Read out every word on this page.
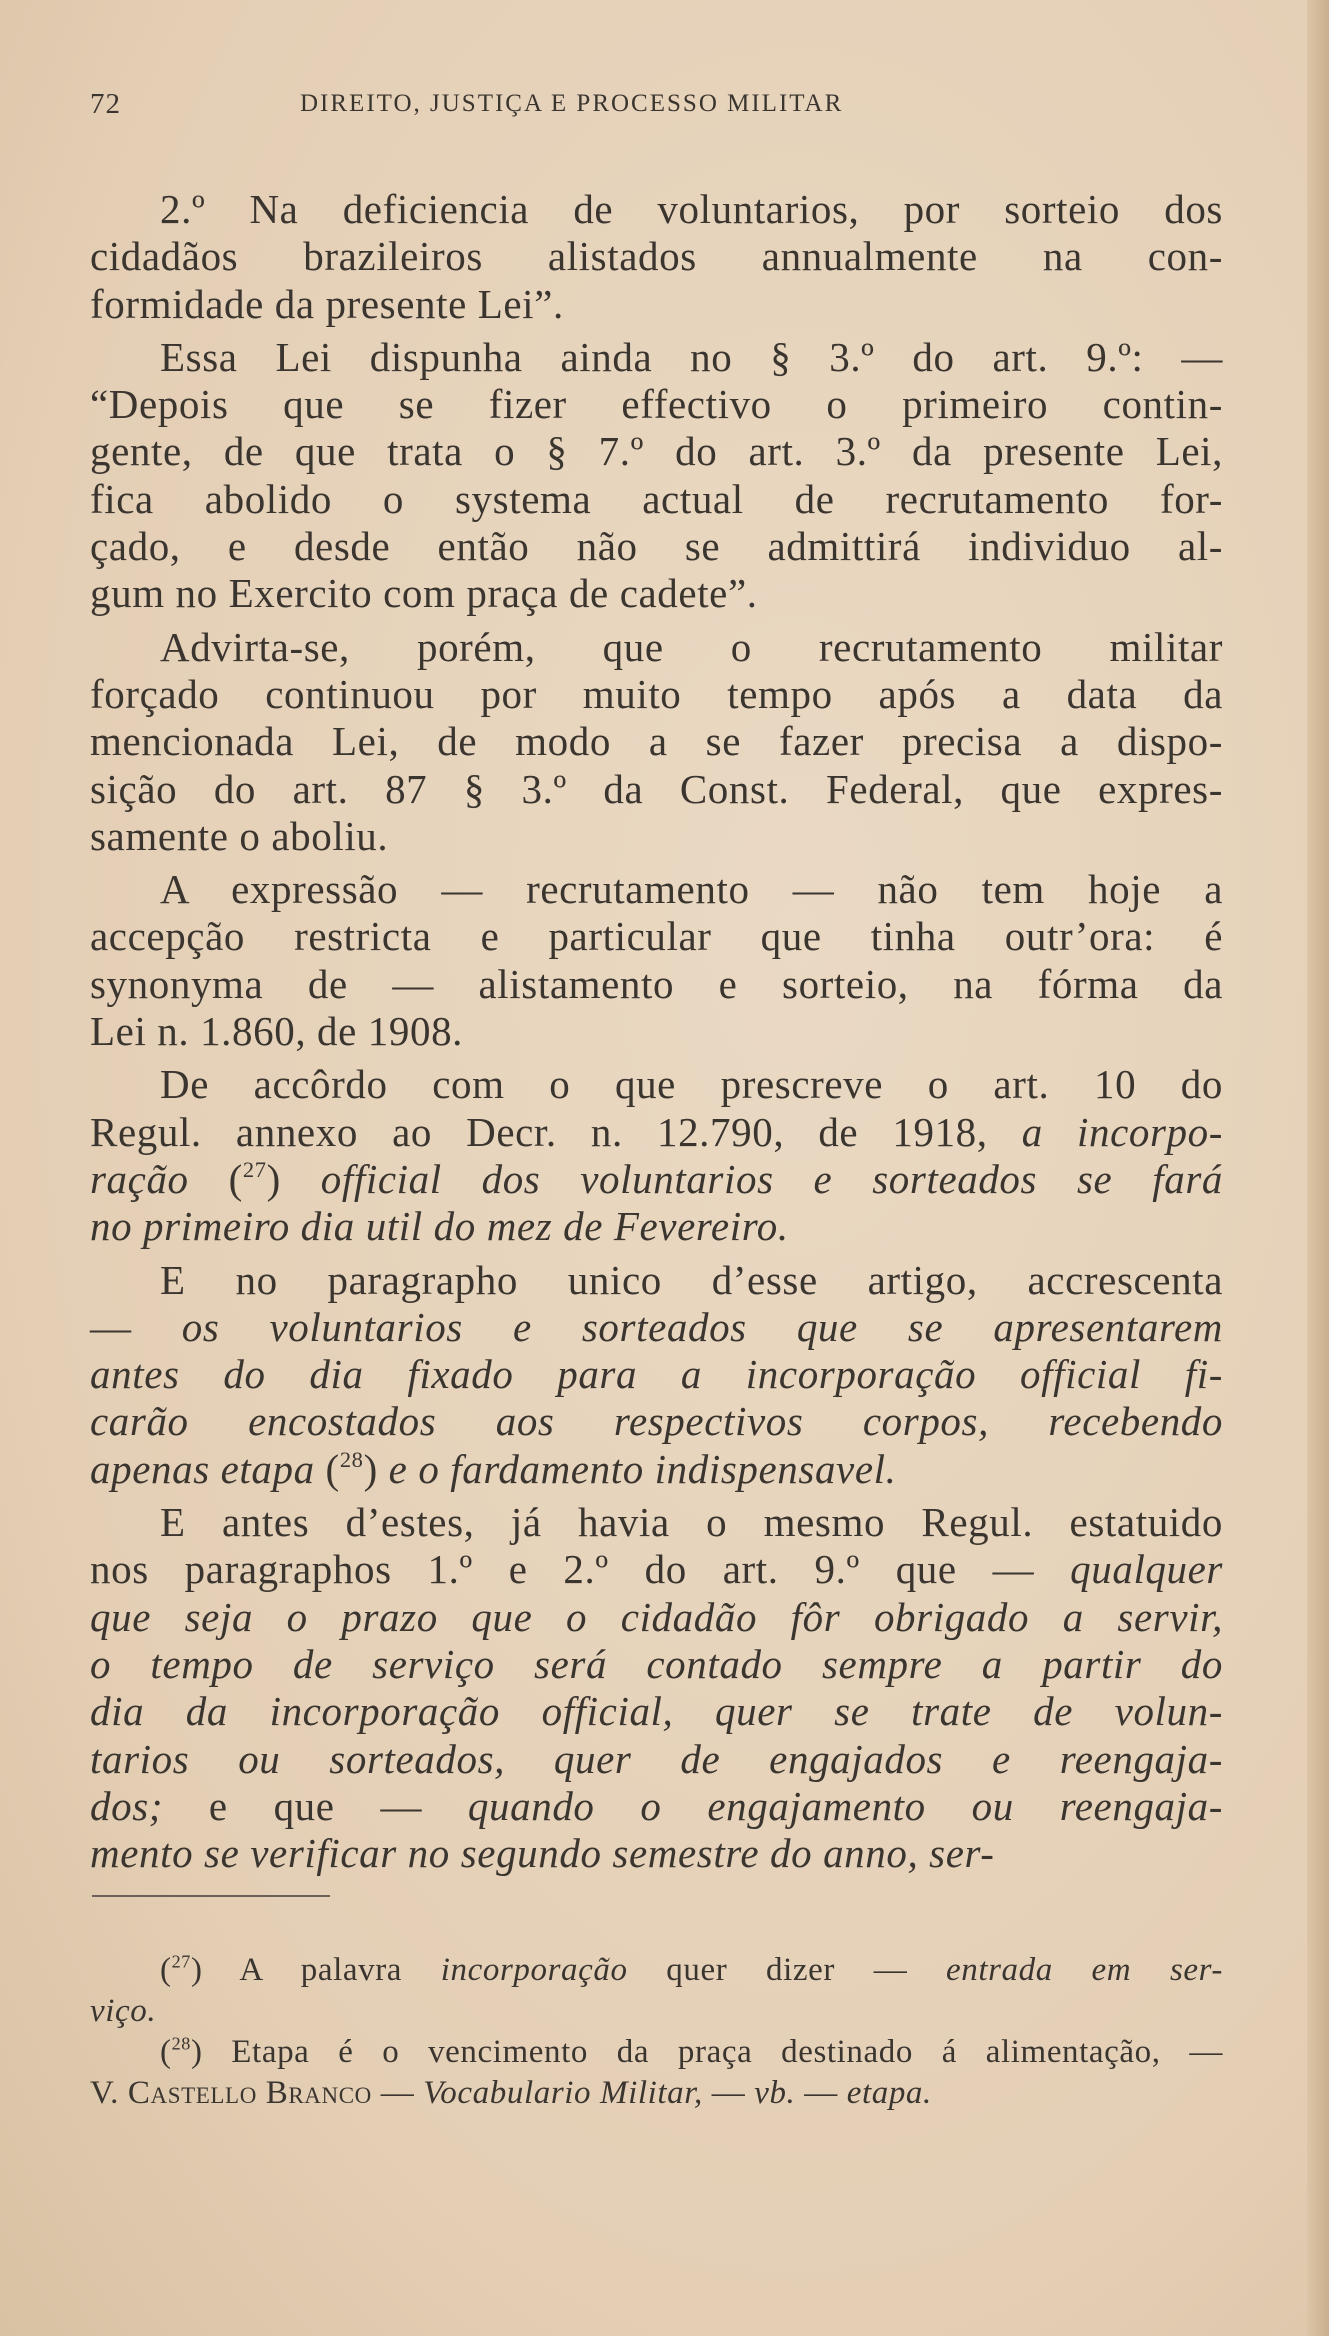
72	DIREITO, JUSTIÇA E PROCESSO MILITAR
2.º Na deficiencia de voluntarios, por sorteio dos
cidadãos brazileiros alistados annualmente na con-
formidade da presente Lei”.
Essa Lei dispunha ainda no § 3.º do art. 9.º: —
“Depois que se fizer effectivo o primeiro contin-
gente, de que trata o § 7.º do art. 3.º da presente Lei,
fica abolido o systema actual de recrutamento for-
çado, e desde então não se admittirá individuo al-
gum no Exercito com praça de cadete”.
Advirta-se, porém, que o recrutamento militar
forçado continuou por muito tempo após a data da
mencionada Lei, de modo a se fazer precisa a dispo-
sição do art. 87 § 3.º da Const. Federal, que expres-
samente o aboliu.
A expressão — recrutamento — não tem hoje a
accepção restricta e particular que tinha outr’ora: é
synonyma de — alistamento e sorteio, na fórma da
Lei n. 1.860, de 1908.
De accôrdo com o que prescreve o art. 10 do
Regul. annexo ao Decr. n. 12.790, de 1918, a incorpo-
ração ($^{27}$) official dos voluntarios e sorteados se fará
no primeiro dia util do mez de Fevereiro.
E no paragrapho unico d’esse artigo, accrescenta
— os voluntarios e sorteados que se apresentarem
antes do dia fixado para a incorporação official fi-
carão encostados aos respectivos corpos, recebendo
apenas etapa ($^{28}$) e o fardamento indispensavel.
E antes d’estes, já havia o mesmo Regul. estatuido
nos paragraphos 1.º e 2.º do art. 9.º que — qualquer
que seja o prazo que o cidadão fôr obrigado a servir,
o tempo de serviço será contado sempre a partir do
dia da incorporação official, quer se trate de volun-
tarios ou sorteados, quer de engajados e reengaja-
dos; e que — quando o engajamento ou reengaja-
mento se verificar no segundo semestre do anno, ser-
($^{27}$) A palavra incorporação quer dizer — entrada em ser-
viço.
($^{28}$) Etapa é o vencimento da praça destinado á alimentação, —
V. Castello Branco — Vocabulario Militar, — vb. — etapa.
